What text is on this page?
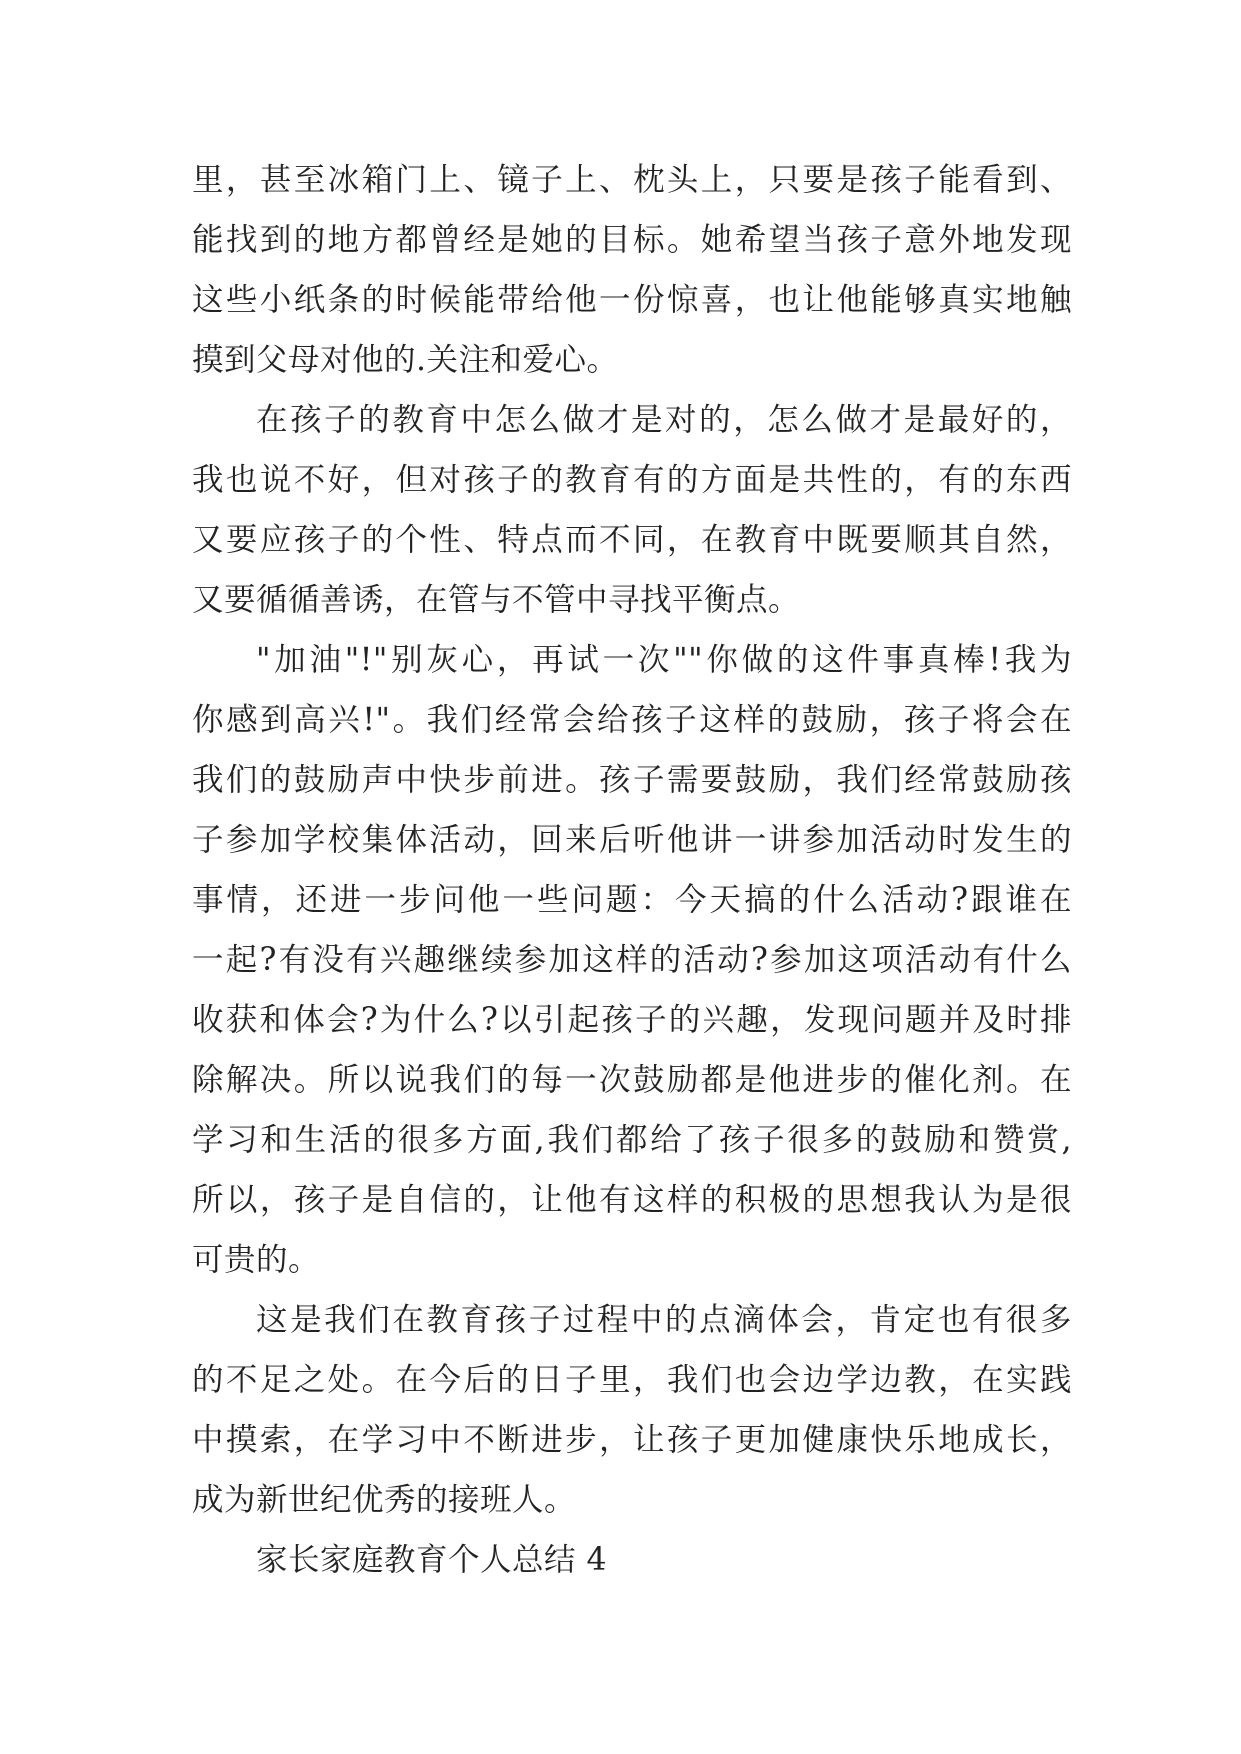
里，甚至冰箱门上、镜子上、枕头上，只要是孩子能看到、
能找到的地方都曾经是她的目标。她希望当孩子意外地发现
这些小纸条的时候能带给他一份惊喜，也让他能够真实地触
摸到父母对他的.关注和爱心。
在孩子的教育中怎么做才是对的，怎么做才是最好的，
我也说不好，但对孩子的教育有的方面是共性的，有的东西
又要应孩子的个性、特点而不同，在教育中既要顺其自然，
又要循循善诱，在管与不管中寻找平衡点。
"加油"!"别灰心，再试一次""你做的这件事真棒!我为
你感到高兴!"。我们经常会给孩子这样的鼓励，孩子将会在
我们的鼓励声中快步前进。孩子需要鼓励，我们经常鼓励孩
子参加学校集体活动，回来后听他讲一讲参加活动时发生的
事情，还进一步问他一些问题：今天搞的什么活动?跟谁在
一起?有没有兴趣继续参加这样的活动?参加这项活动有什么
收获和体会?为什么?以引起孩子的兴趣，发现问题并及时排
除解决。所以说我们的每一次鼓励都是他进步的催化剂。在
学习和生活的很多方面,我们都给了孩子很多的鼓励和赞赏,
所以，孩子是自信的，让他有这样的积极的思想我认为是很
可贵的。
这是我们在教育孩子过程中的点滴体会，肯定也有很多
的不足之处。在今后的日子里，我们也会边学边教，在实践
中摸索，在学习中不断进步，让孩子更加健康快乐地成长，
成为新世纪优秀的接班人。
家长家庭教育个人总结 4
